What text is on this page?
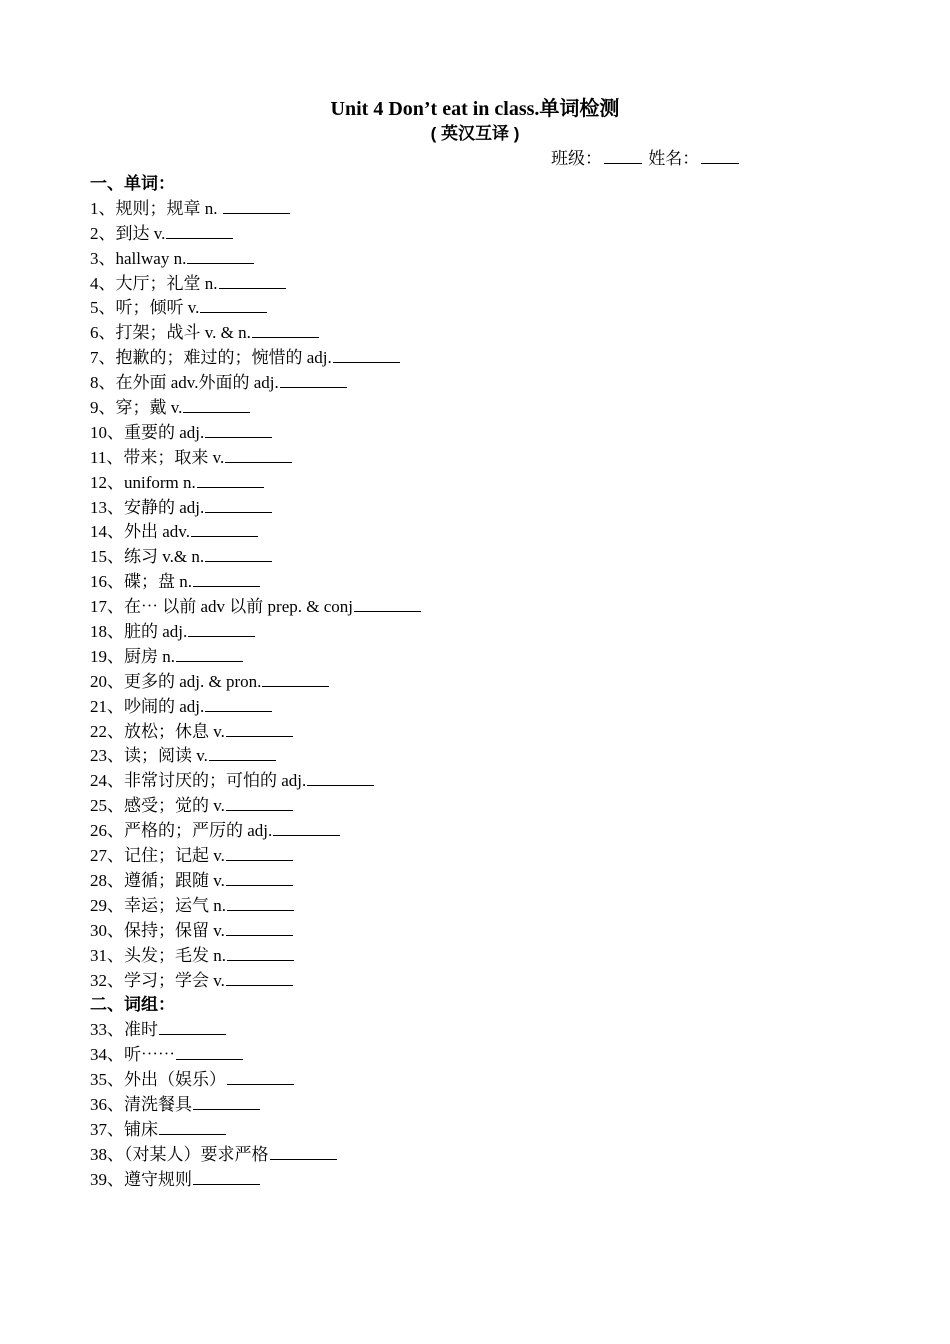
Unit 4 Don’t eat in class.单词检测
( 英汉互译 )
班级： 姓名：
一、单词：
1、规则；规章 n.
2、到达 v.
3、hallway n.
4、大厅；礼堂 n.
5、听；倾听 v.
6、打架；战斗 v. & n.
7、抱歉的；难过的；惋惜的 adj.
8、在外面 adv.外面的 adj.
9、穿；戴 v.
10、重要的 adj.
11、带来；取来 v.
12、uniform n.
13、安静的 adj.
14、外出 adv.
15、练习 v.& n.
16、碟；盘 n.
17、在⋯ 以前 adv 以前 prep. & conj
18、脏的 adj.
19、厨房 n.
20、更多的 adj. & pron.
21、吵闹的 adj.
22、放松；休息 v.
23、读；阅读 v.
24、非常讨厌的；可怕的 adj.
25、感受；觉的 v.
26、严格的；严厉的 adj.
27、记住；记起 v.
28、遵循；跟随 v.
29、幸运；运气 n.
30、保持；保留 v.
31、头发；毛发 n.
32、学习；学会 v.
二、词组：
33、准时
34、听⋯⋯
35、外出（娱乐）
36、清洗餐具
37、铺床
38、（对某人）要求严格
39、遵守规则
